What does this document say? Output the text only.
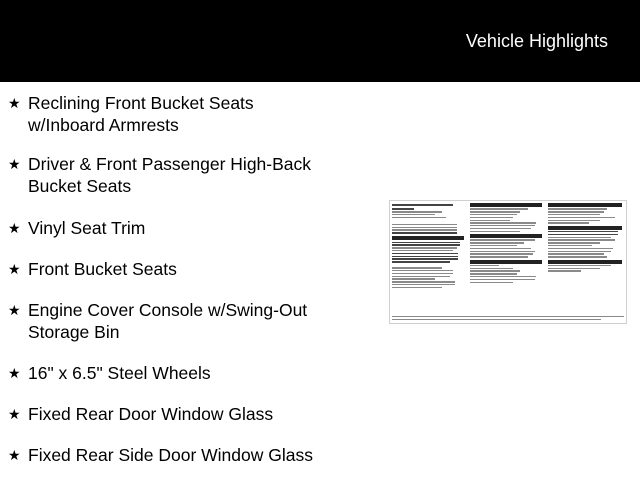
Vehicle Highlights
★ Reclining Front Bucket Seats
w/Inboard Armrests
★ Driver & Front Passenger High-Back
Bucket Seats
★ Vinyl Seat Trim
★ Front Bucket Seats
★ Engine Cover Console w/Swing-Out
Storage Bin
★ 16" x 6.5" Steel Wheels
★ Fixed Rear Door Window Glass
★ Fixed Rear Side Door Window Glass
